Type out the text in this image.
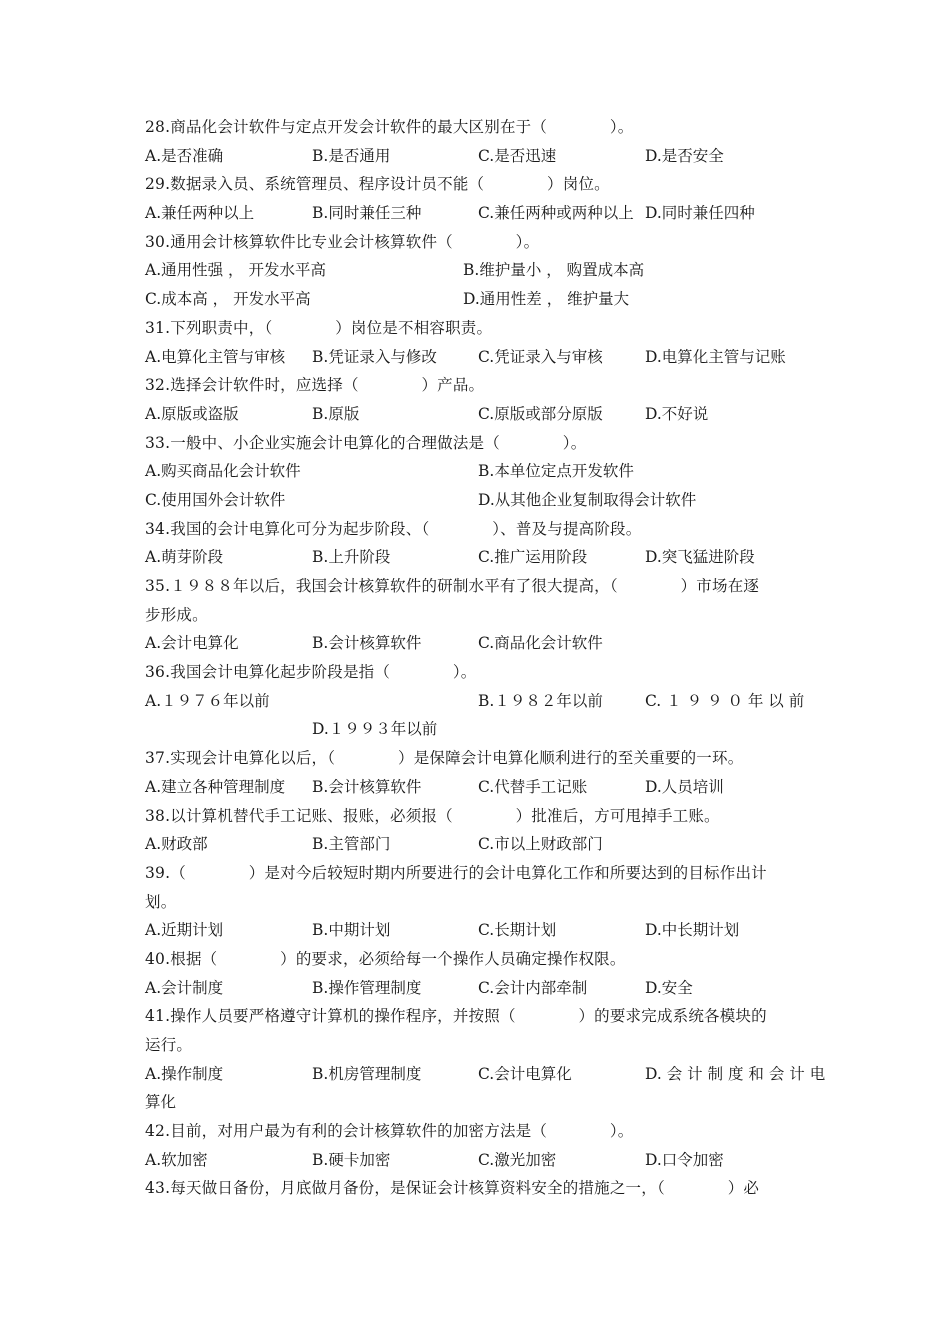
28.商品化会计软件与定点开发会计软件的最大区别在于（　　　　）。
A.是否准确	B.是否通用	C.是否迅速	D.是否安全
29.数据录入员、系统管理员、程序设计员不能（　　　　）岗位。
A.兼任两种以上	B.同时兼任三种	C.兼任两种或两种以上 D.同时兼任四种
30.通用会计核算软件比专业会计核算软件（　　　　）。
A.通用性强 ， 开发水平高	B.维护量小 ， 购置成本高
C.成本高 ， 开发水平高	D.通用性差 ， 维护量大
31.下列职责中，（　　　　）岗位是不相容职责。
A.电算化主管与审核 B.凭证录入与修改	C.凭证录入与审核	D.电算化主管与记账
32.选择会计软件时，应选择（　　　　）产品。
A.原版或盗版	B.原版	C.原版或部分原版	D.不好说
33.一般中、小企业实施会计电算化的合理做法是（　　　　）。
A.购买商品化会计软件	B.本单位定点开发软件
C.使用国外会计软件	D.从其他企业复制取得会计软件
34.我国的会计电算化可分为起步阶段、（　　　　）、普及与提高阶段。
A.萌芽阶段	B.上升阶段	C.推广运用阶段	D.突飞猛进阶段
35.１９８８年以后，我国会计核算软件的研制水平有了很大提高，（　　　　）市场在逐
步形成。
A.会计电算化	B.会计核算软件	C.商品化会计软件
36.我国会计电算化起步阶段是指（　　　　）。
A.１９７６年以前	B.１９８２年以前	C. １ ９ ９ ０ 年 以 前
D.１９９３年以前
37.实现会计电算化以后，（　　　　）是保障会计电算化顺利进行的至关重要的一环。
A.建立各种管理制度 B.会计核算软件	C.代替手工记账	D.人员培训
38.以计算机替代手工记账、报账，必须报（　　　　）批准后，方可甩掉手工账。
A.财政部	B.主管部门	C.市以上财政部门
39.（　　　　）是对今后较短时期内所要进行的会计电算化工作和所要达到的目标作出计
划。
A.近期计划	B.中期计划	C.长期计划	D.中长期计划
40.根据（　　　　）的要求，必须给每一个操作人员确定操作权限。
A.会计制度	B.操作管理制度	C.会计内部牵制	D.安全
41.操作人员要严格遵守计算机的操作程序，并按照（　　　　）的要求完成系统各模块的
运行。
A.操作制度	B.机房管理制度	C.会计电算化	D. 会 计 制 度 和 会 计 电
算化
42.目前，对用户最为有利的会计核算软件的加密方法是（　　　　）。
A.软加密	B.硬卡加密	C.激光加密	D.口令加密
43.每天做日备份，月底做月备份，是保证会计核算资料安全的措施之一，（　　　　）必
